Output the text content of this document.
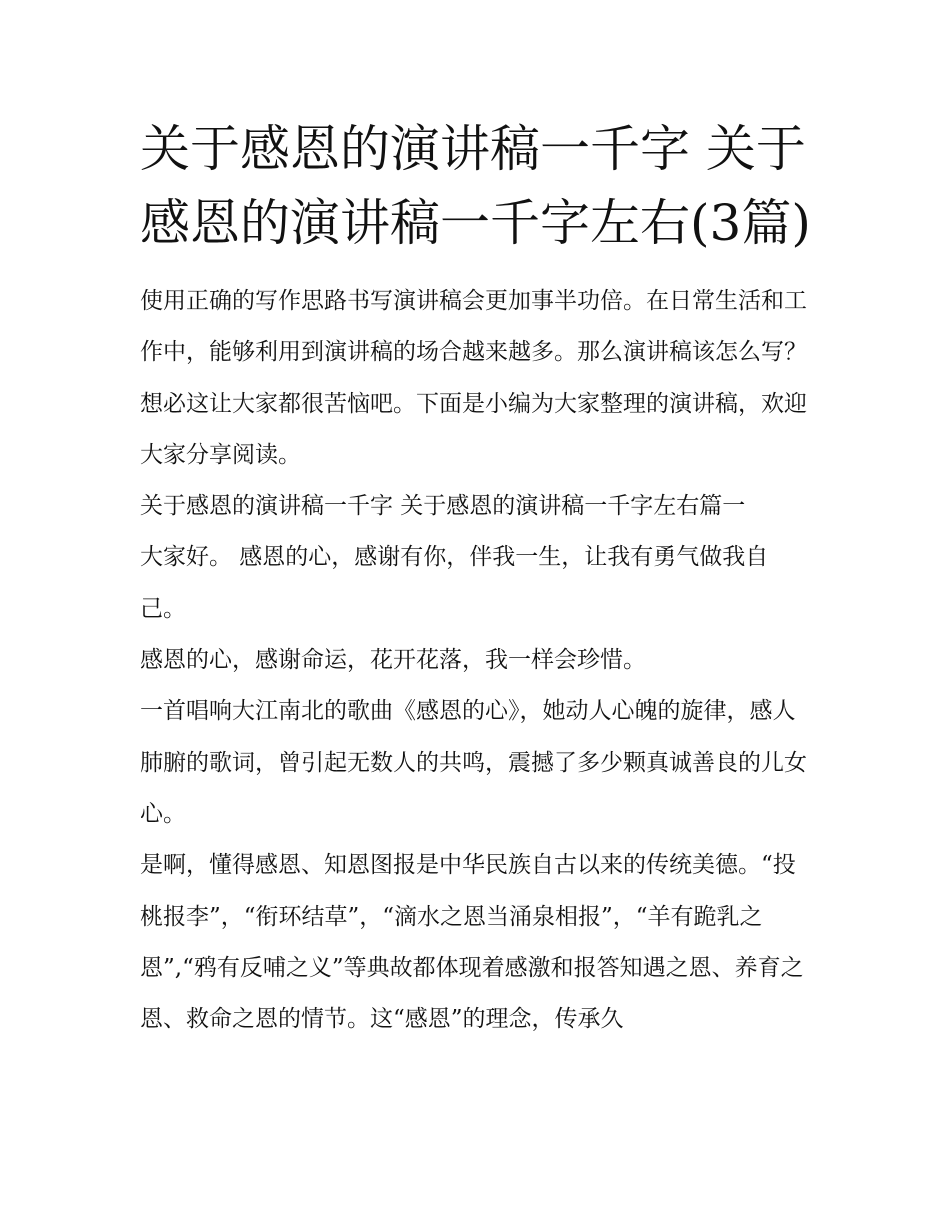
关于感恩的演讲稿一千字 关于感恩的演讲稿一千字左右(3篇)

使用正确的写作思路书写演讲稿会更加事半功倍。在日常生活和工作中，能够利用到演讲稿的场合越来越多。那么演讲稿该怎么写？想必这让大家都很苦恼吧。下面是小编为大家整理的演讲稿，欢迎大家分享阅读。

关于感恩的演讲稿一千字 关于感恩的演讲稿一千字左右篇一

大家好。 感恩的心，感谢有你，伴我一生，让我有勇气做我自己。

感恩的心，感谢命运，花开花落，我一样会珍惜。

一首唱响大江南北的歌曲《感恩的心》，她动人心魄的旋律，感人肺腑的歌词，曾引起无数人的共鸣，震撼了多少颗真诚善良的儿女心。

是啊，懂得感恩、知恩图报是中华民族自古以来的传统美德。“投桃报李”，“衔环结草”，“滴水之恩当涌泉相报”，“羊有跪乳之恩”,“鸦有反哺之义”等典故都体现着感激和报答知遇之恩、养育之恩、救命之恩的情节。这“感恩”的理念，传承久
